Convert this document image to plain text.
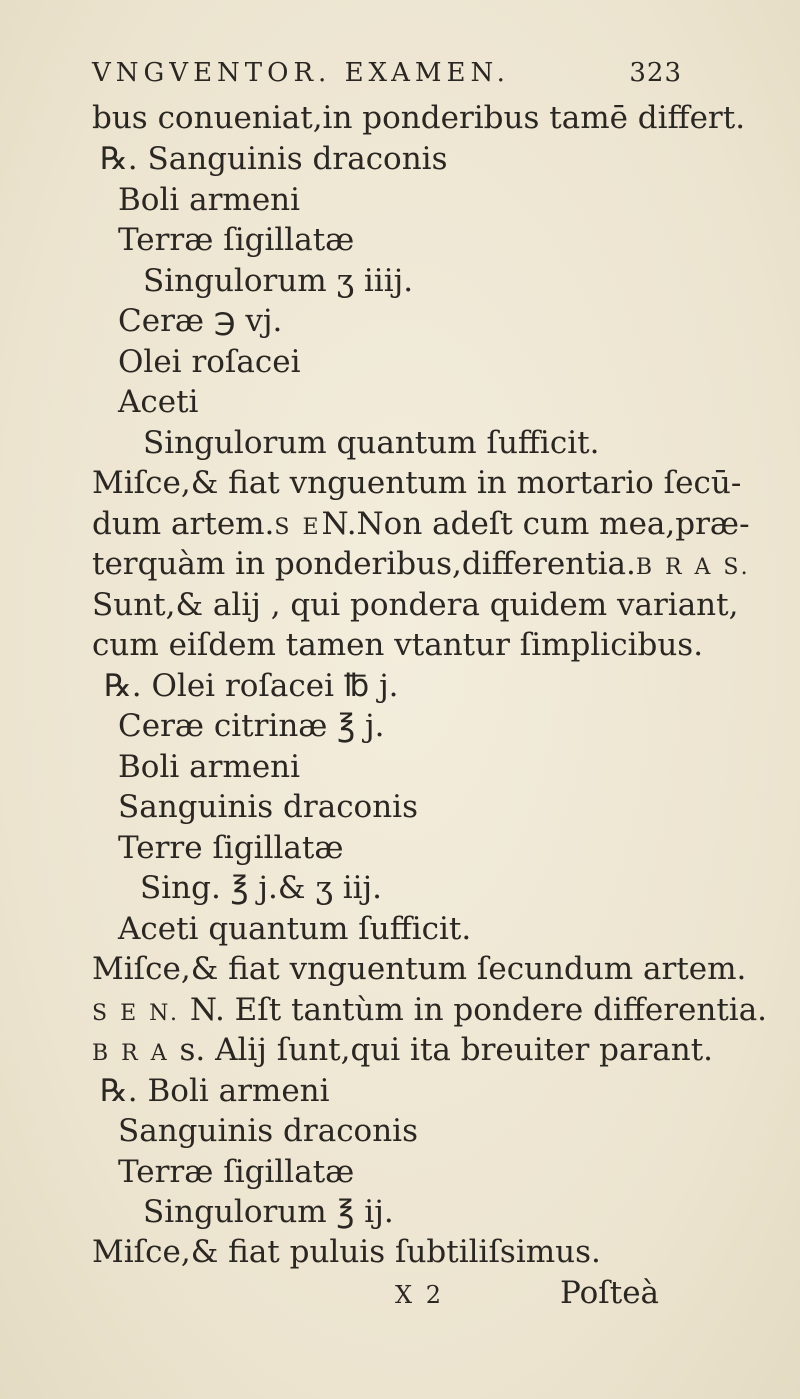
VNGVENTOR. EXAMEN.	323
bus conueniat,in ponderibus tamē differt.
℞. Sanguinis draconis
Boli armeni
Terræ ſigillatæ
Singulorum ʒ iiij.
Ceræ ℈ vj.
Olei roſacei
Aceti
Singulorum quantum ſufficit.
Miſce,& fiat vnguentum in mortario ſecū-
dum artem.S EN.Non adeſt cum mea,præ-
terquàm in ponderibus,differentia.B R A S.
Sunt,& alij , qui pondera quidem variant,
cum eiſdem tamen vtantur ſimplicibus.
℞. Olei roſacei ℔ j.
Ceræ citrinæ ℥ j.
Boli armeni
Sanguinis draconis
Terre ſigillatæ
Sing. ℥ j.& ʒ iij.
Aceti quantum ſufficit.
Miſce,& fiat vnguentum ſecundum artem.
S E N. N. Eſt tantùm in pondere differentia.
B R A s. Alij ſunt,qui ita breuiter parant.
℞. Boli armeni
Sanguinis draconis
Terræ ſigillatæ
Singulorum ℥ ij.
Miſce,& fiat puluis ſubtiliſsimus.
X 2	Poſteà
